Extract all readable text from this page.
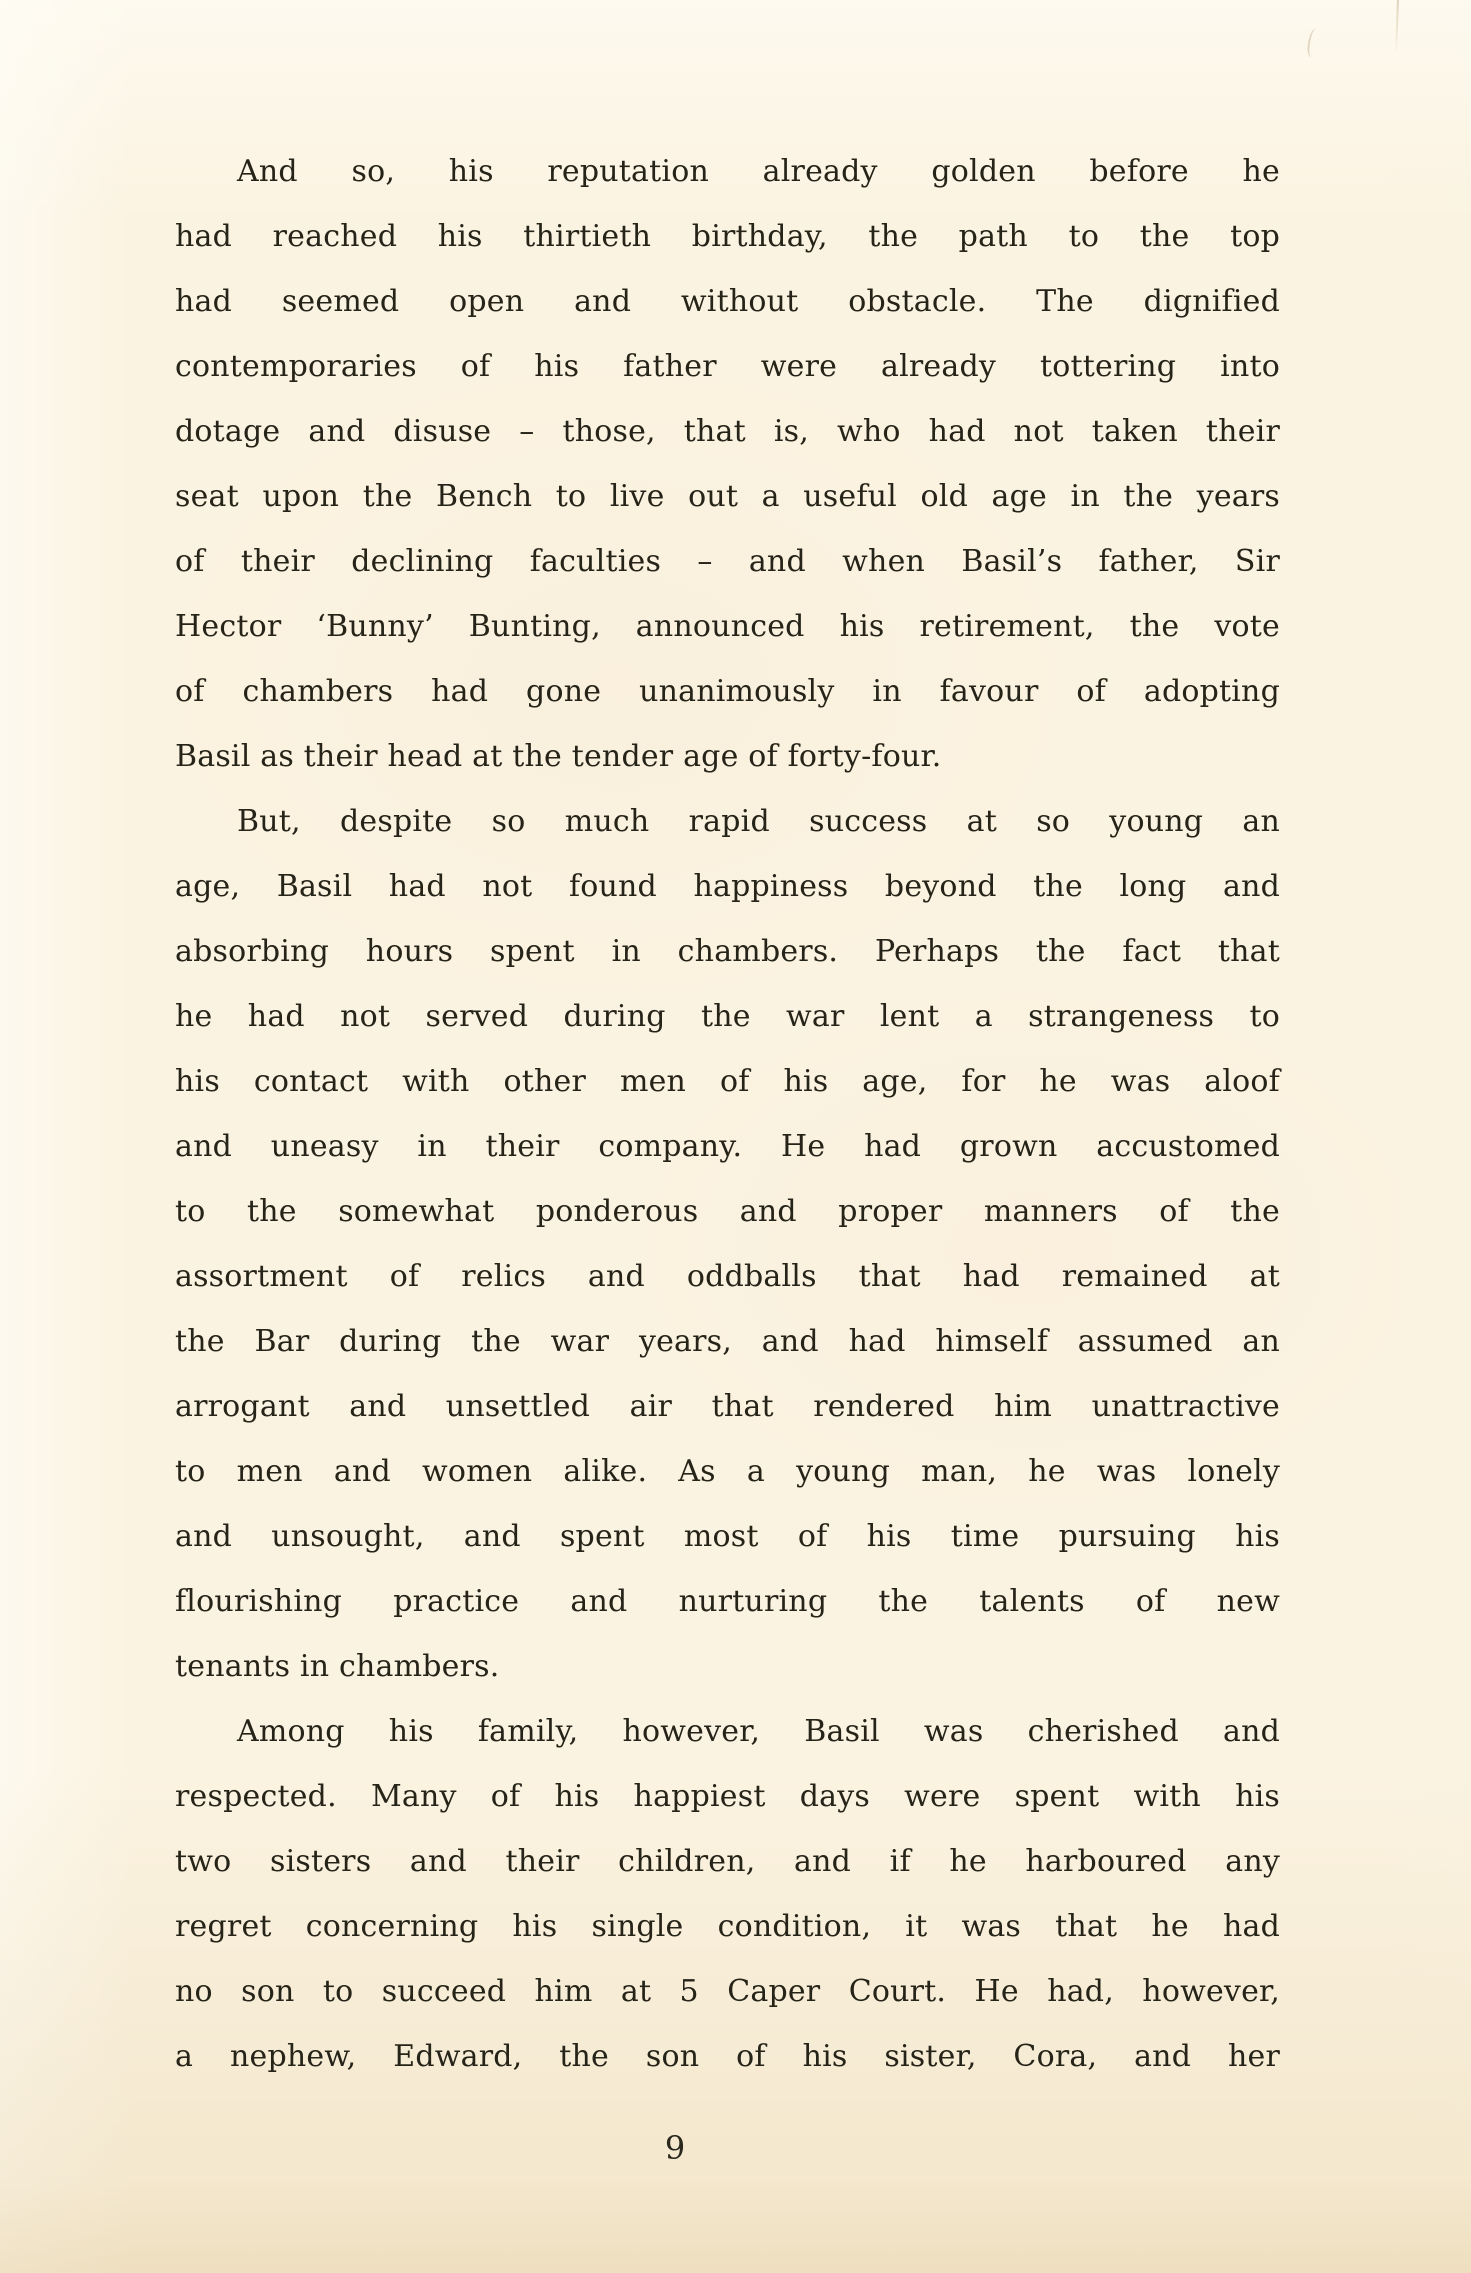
And so, his reputation already golden before he
had reached his thirtieth birthday, the path to the top
had seemed open and without obstacle. The dignified
contemporaries of his father were already tottering into
dotage and disuse – those, that is, who had not taken their
seat upon the Bench to live out a useful old age in the years
of their declining faculties – and when Basil’s father, Sir
Hector ‘Bunny’ Bunting, announced his retirement, the vote
of chambers had gone unanimously in favour of adopting
Basil as their head at the tender age of forty-four.
But, despite so much rapid success at so young an
age, Basil had not found happiness beyond the long and
absorbing hours spent in chambers. Perhaps the fact that
he had not served during the war lent a strangeness to
his contact with other men of his age, for he was aloof
and uneasy in their company. He had grown accustomed
to the somewhat ponderous and proper manners of the
assortment of relics and oddballs that had remained at
the Bar during the war years, and had himself assumed an
arrogant and unsettled air that rendered him unattractive
to men and women alike. As a young man, he was lonely
and unsought, and spent most of his time pursuing his
flourishing practice and nurturing the talents of new
tenants in chambers.
Among his family, however, Basil was cherished and
respected. Many of his happiest days were spent with his
two sisters and their children, and if he harboured any
regret concerning his single condition, it was that he had
no son to succeed him at 5 Caper Court. He had, however,
a nephew, Edward, the son of his sister, Cora, and her
9
